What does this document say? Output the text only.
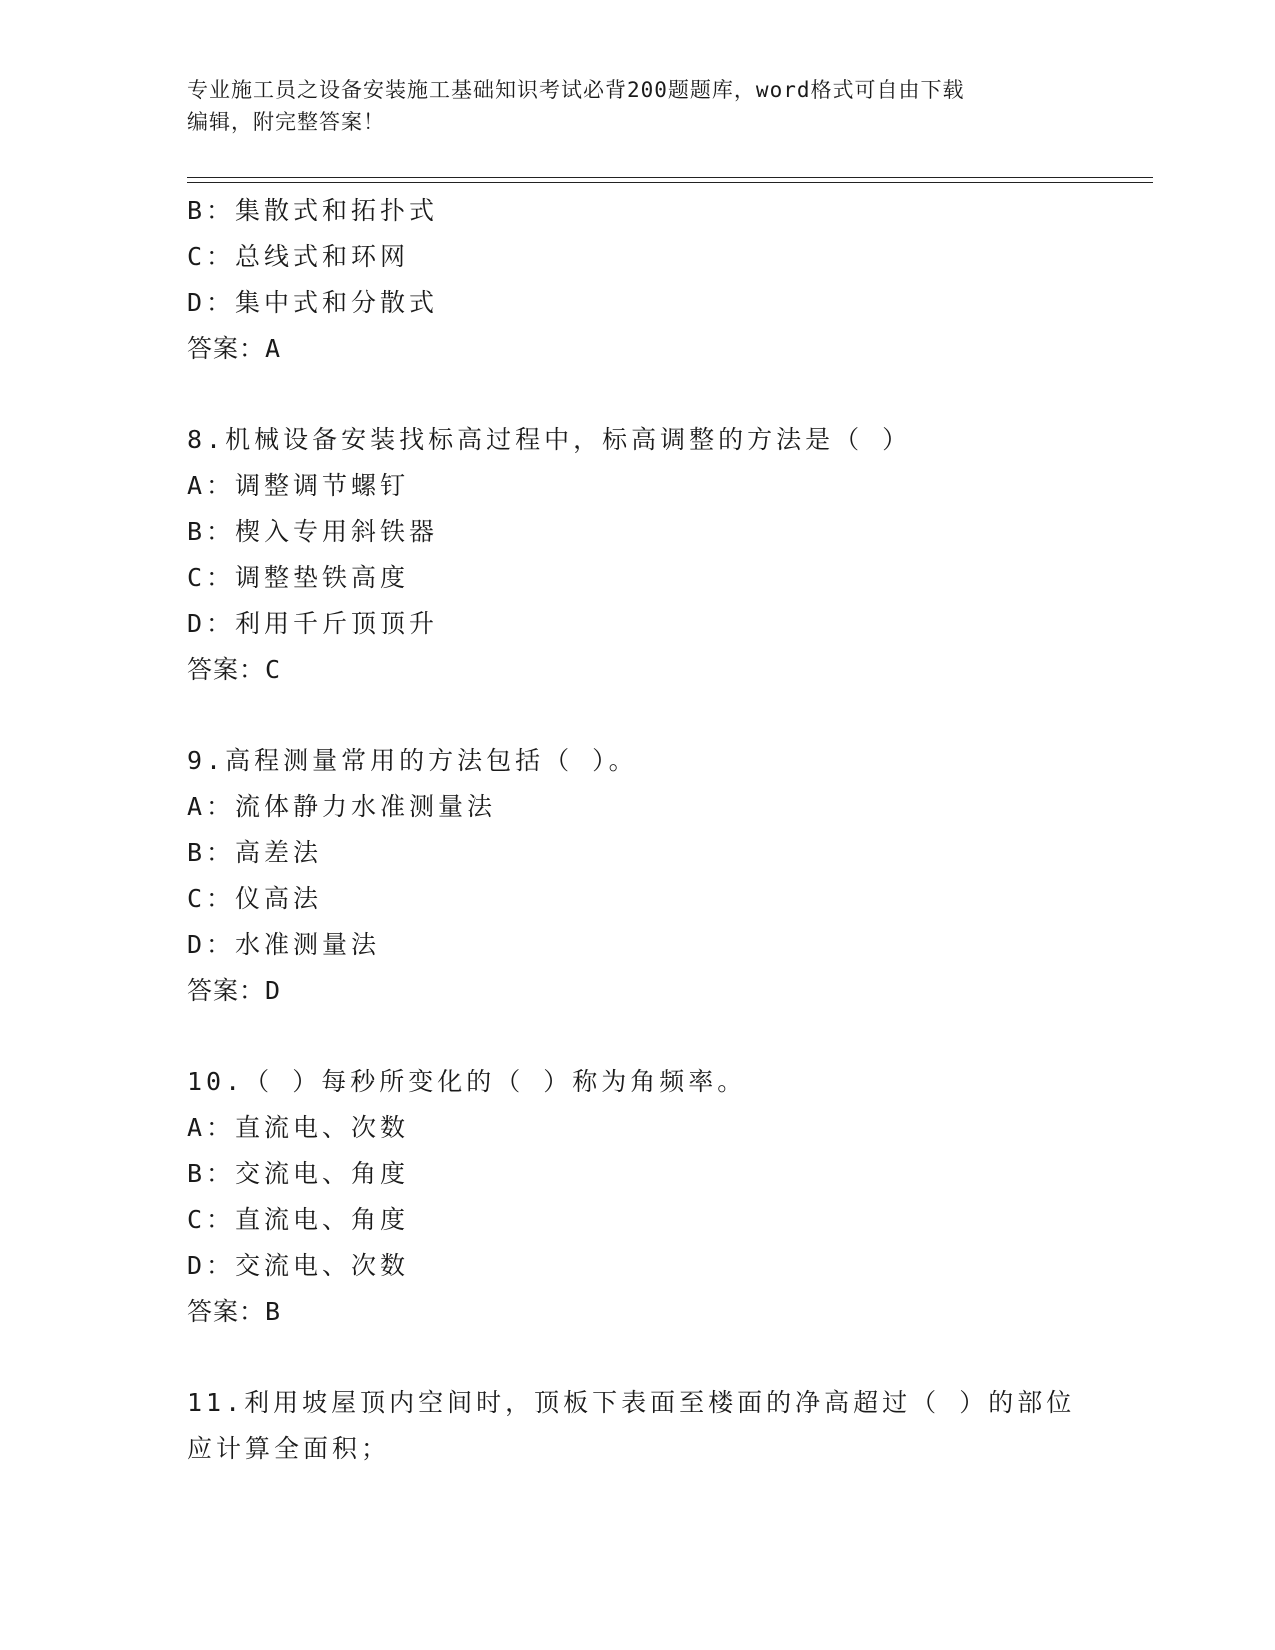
专业施工员之设备安装施工基础知识考试必背200题题库，word格式可自由下载
编辑，附完整答案！
B：集散式和拓扑式
C：总线式和环网
D：集中式和分散式
答案：A
8.机械设备安装找标高过程中，标高调整的方法是（ ）
A：调整调节螺钉
B：楔入专用斜铁器
C：调整垫铁高度
D：利用千斤顶顶升
答案：C
9.高程测量常用的方法包括（ ）。
A：流体静力水准测量法
B：高差法
C：仪高法
D：水准测量法
答案：D
10.（ ）每秒所变化的（ ）称为角频率。
A：直流电、次数
B：交流电、角度
C：直流电、角度
D：交流电、次数
答案：B
11.利用坡屋顶内空间时，顶板下表面至楼面的净高超过（ ）的部位
应计算全面积；
